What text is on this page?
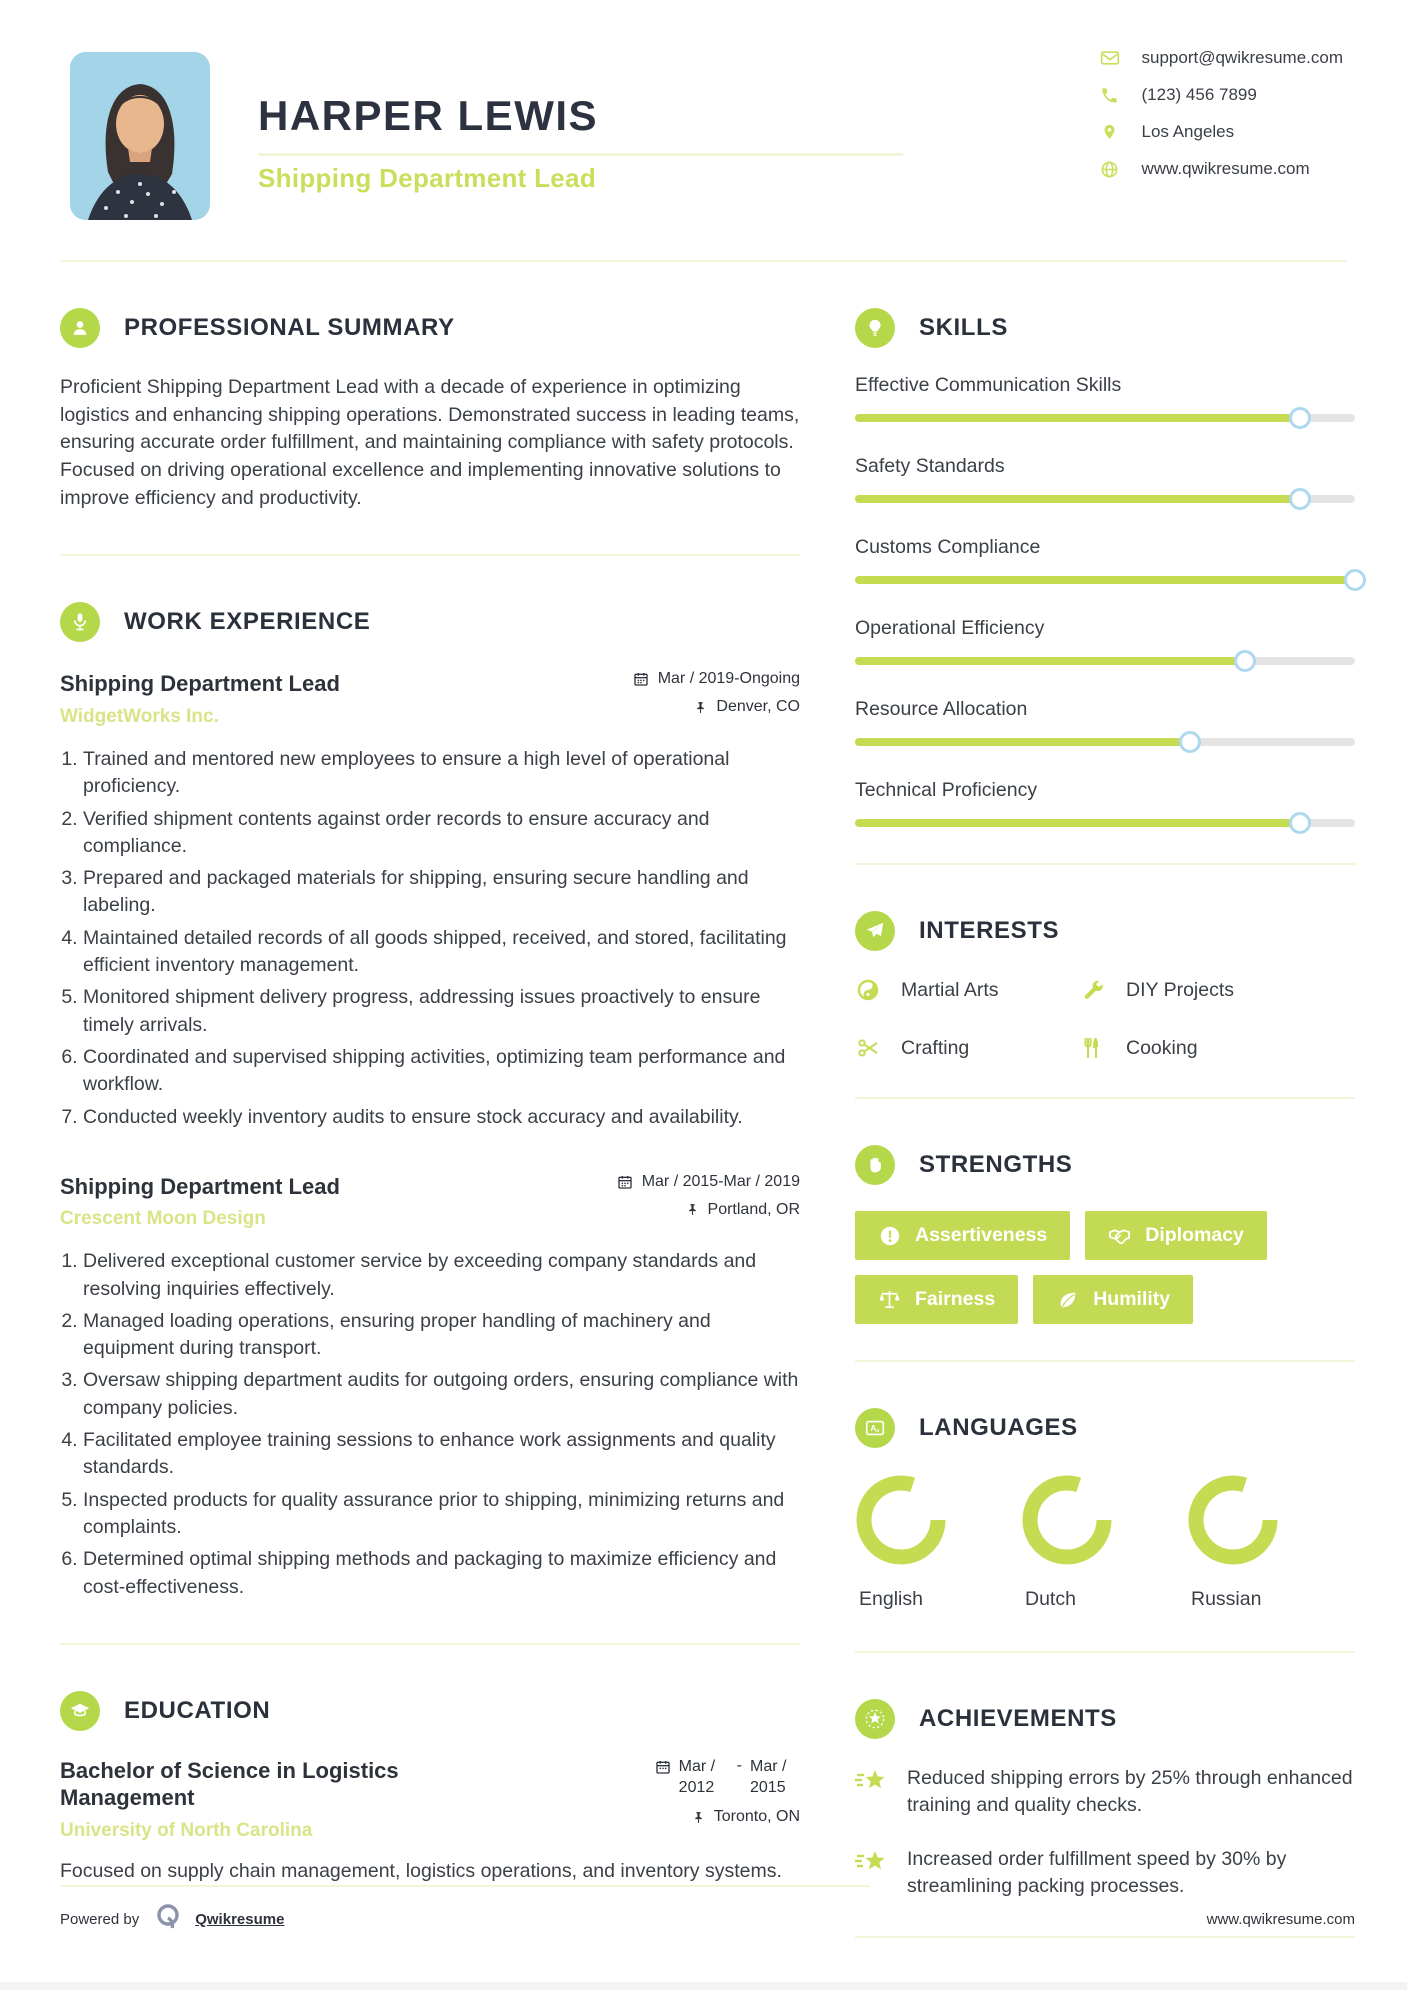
HARPER LEWIS
Shipping Department Lead
support@qwikresume.com
(123) 456 7899
Los Angeles
www.qwikresume.com
PROFESSIONAL SUMMARY

Proficient Shipping Department Lead with a decade of experience in optimizing logistics and enhancing shipping operations. Demonstrated success in leading teams, ensuring accurate order fulfillment, and maintaining compliance with safety protocols. Focused on driving operational excellence and implementing innovative solutions to improve efficiency and productivity.

WORK EXPERIENCE
Shipping Department Lead
WidgetWorks Inc.
Mar / 2019-Ongoing
Denver, CO
1. Trained and mentored new employees to ensure a high level of operational proficiency.
2. Verified shipment contents against order records to ensure accuracy and compliance.
3. Prepared and packaged materials for shipping, ensuring secure handling and labeling.
4. Maintained detailed records of all goods shipped, received, and stored, facilitating efficient inventory management.
5. Monitored shipment delivery progress, addressing issues proactively to ensure timely arrivals.
6. Coordinated and supervised shipping activities, optimizing team performance and workflow.
7. Conducted weekly inventory audits to ensure stock accuracy and availability.
Shipping Department Lead
Crescent Moon Design
Mar / 2015-Mar / 2019
Portland, OR
1. Delivered exceptional customer service by exceeding company standards and resolving inquiries effectively.
2. Managed loading operations, ensuring proper handling of machinery and equipment during transport.
3. Oversaw shipping department audits for outgoing orders, ensuring compliance with company policies.
4. Facilitated employee training sessions to enhance work assignments and quality standards.
5. Inspected products for quality assurance prior to shipping, minimizing returns and complaints.
6. Determined optimal shipping methods and packaging to maximize efficiency and cost-effectiveness.
EDUCATION
Bachelor of Science in Logistics Management
University of North Carolina
Mar / 2012
- Mar / 2015
Toronto, ON

Focused on supply chain management, logistics operations, and inventory systems.

SKILLS
Effective Communication Skills
Safety Standards
Customs Compliance
Operational Efficiency
Resource Allocation
Technical Proficiency
INTERESTS
Martial Arts	DIY Projects
Crafting	Cooking
STRENGTHS
Assertiveness	Diplomacy
Fairness	Humility
A a LANGUAGES
English	Dutch	Russian
ACHIEVEMENTS
Reduced shipping errors by 25% through enhanced training and quality checks.
Increased order fulfillment speed by 30% by streamlining packing processes.
Powered by	Qwikresume	www.qwikresume.com
